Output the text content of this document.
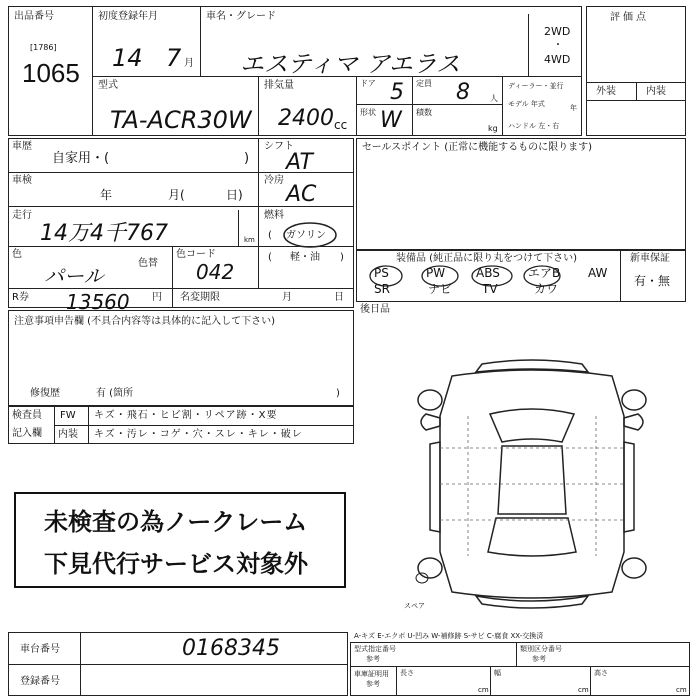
出品番号
[1786]
1065
初度登録年月
14 7 月
車名・グレード
エスティマ アエラス
2WD
・
4WD
型式
TA-ACR30W
排気量
2400 cc
ドア 5 定員 8	人
形状 W 積数
kg
ディーラー・並行
モデル 年式	年
ハンドル 左・右
評価点
外装	内装
車歴
自家用・(	)
車検
年	月(	日)
走行
14万4千767	km
色
パール
色替
色コード
042
R券 13560 円 名変期限	月	日
シフト
AT
冷房
AC
燃料
( ガソリン
軽・油 )
(
セールスポイント (正常に機能するものに限ります)
装備品 (純正品に限り丸をつけて下さい)	新車保証
有・無
PS	PW	ABS エアB AW
SR	ナビ TV	カワ
後日品
注意事項申告欄 (不具合内容等は具体的に記入して下さい)
修復歴	有 (箇所	)
検査員
記入欄
FW キズ・飛石・ヒビ割・リペア跡・X要
内装 キズ・汚レ・コゲ・穴・スレ・キレ・破レ
未検査の為ノークレーム
下見代行サービス対象外
スペア
車台番号	0168345
登録番号
A-キズ E-エクボ U-凹み W-補修跡 S-サビ C-腐食 XX-交換済
型式指定番号
参考
類別区分番号
参考
車庫証明用
参考
長さ
cm
幅
cm
高さ
cm
